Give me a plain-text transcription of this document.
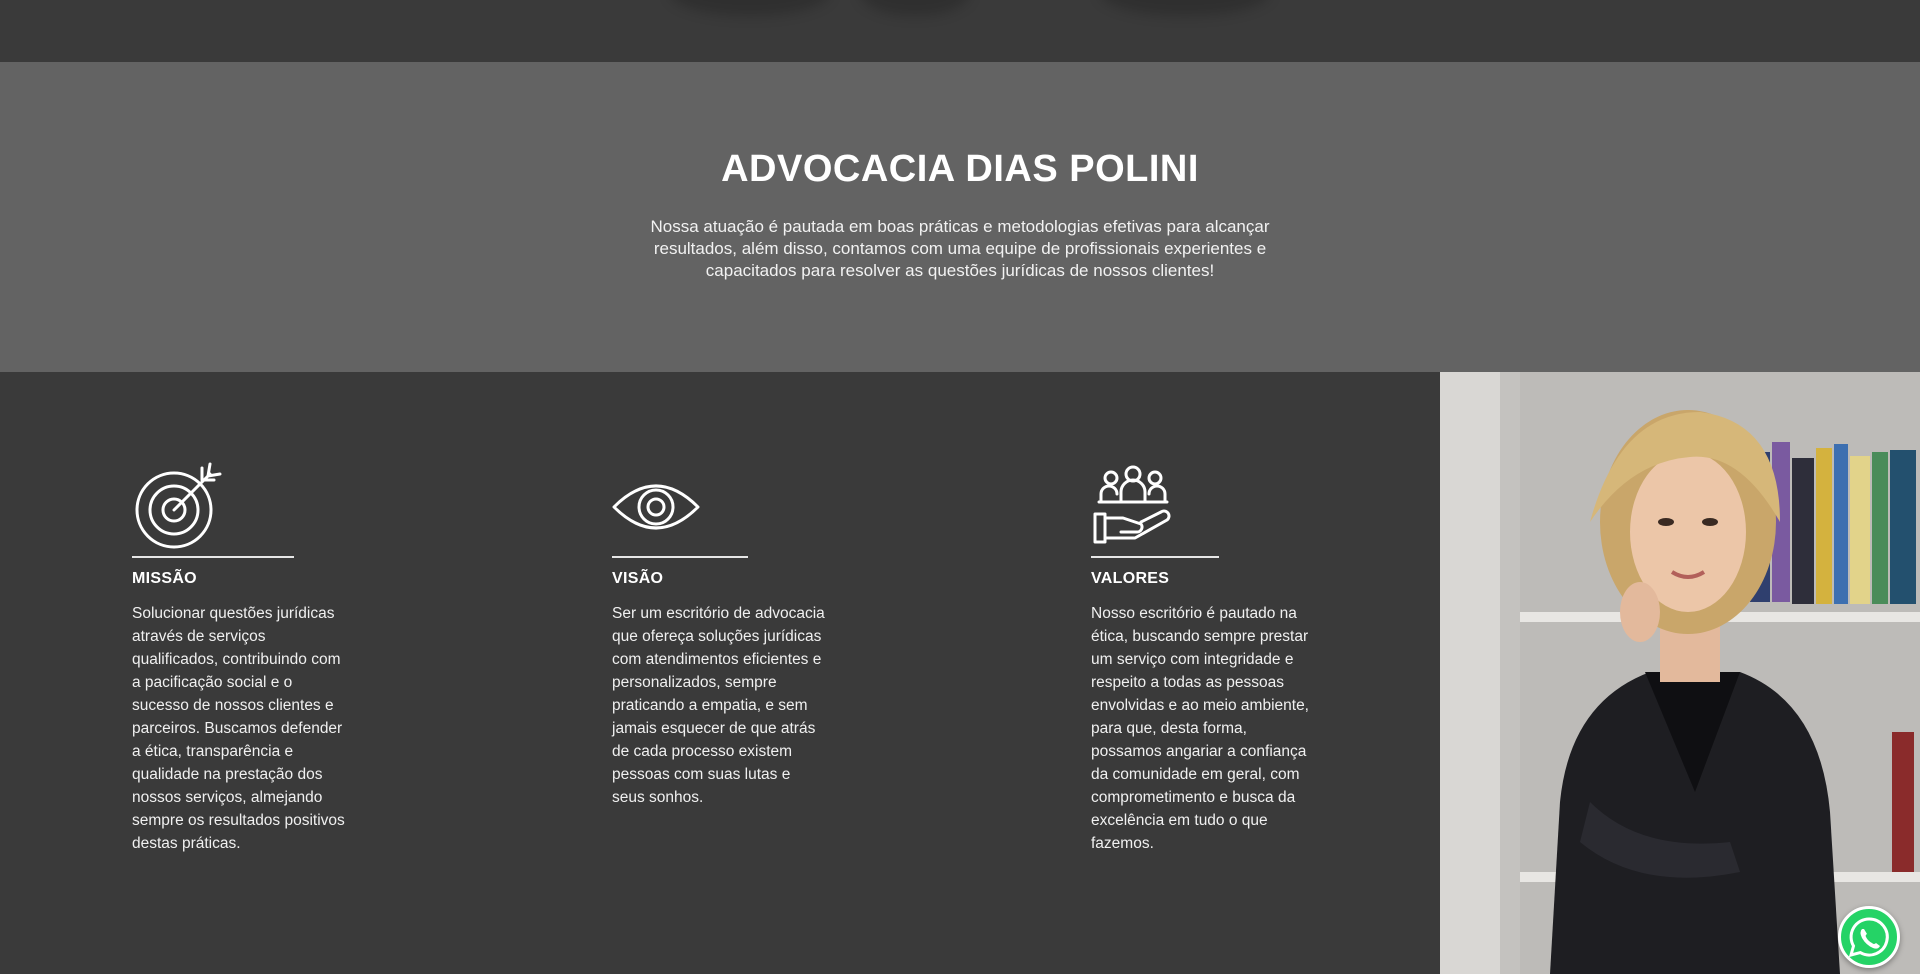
ADVOCACIA DIAS POLINI

Nossa atuação é pautada em boas práticas e metodologias efetivas para alcançar resultados, além disso, contamos com uma equipe de profissionais experientes e capacitados para resolver as questões jurídicas de nossos clientes!

MISSÃO

Solucionar questões jurídicas através de serviços qualificados, contribuindo com a pacificação social e o sucesso de nossos clientes e parceiros. Buscamos defender a ética, transparência e qualidade na prestação dos nossos serviços, almejando sempre os resultados positivos destas práticas.

VISÃO

Ser um escritório de advocacia que ofereça soluções jurídicas com atendimentos eficientes e personalizados, sempre praticando a empatia, e sem jamais esquecer de que atrás de cada processo existem pessoas com suas lutas e seus sonhos.

VALORES

Nosso escritório é pautado na ética, buscando sempre prestar um serviço com integridade e respeito a todas as pessoas envolvidas e ao meio ambiente, para que, desta forma, possamos angariar a confiança da comunidade em geral, com comprometimento e busca da excelência em tudo o que fazemos.
